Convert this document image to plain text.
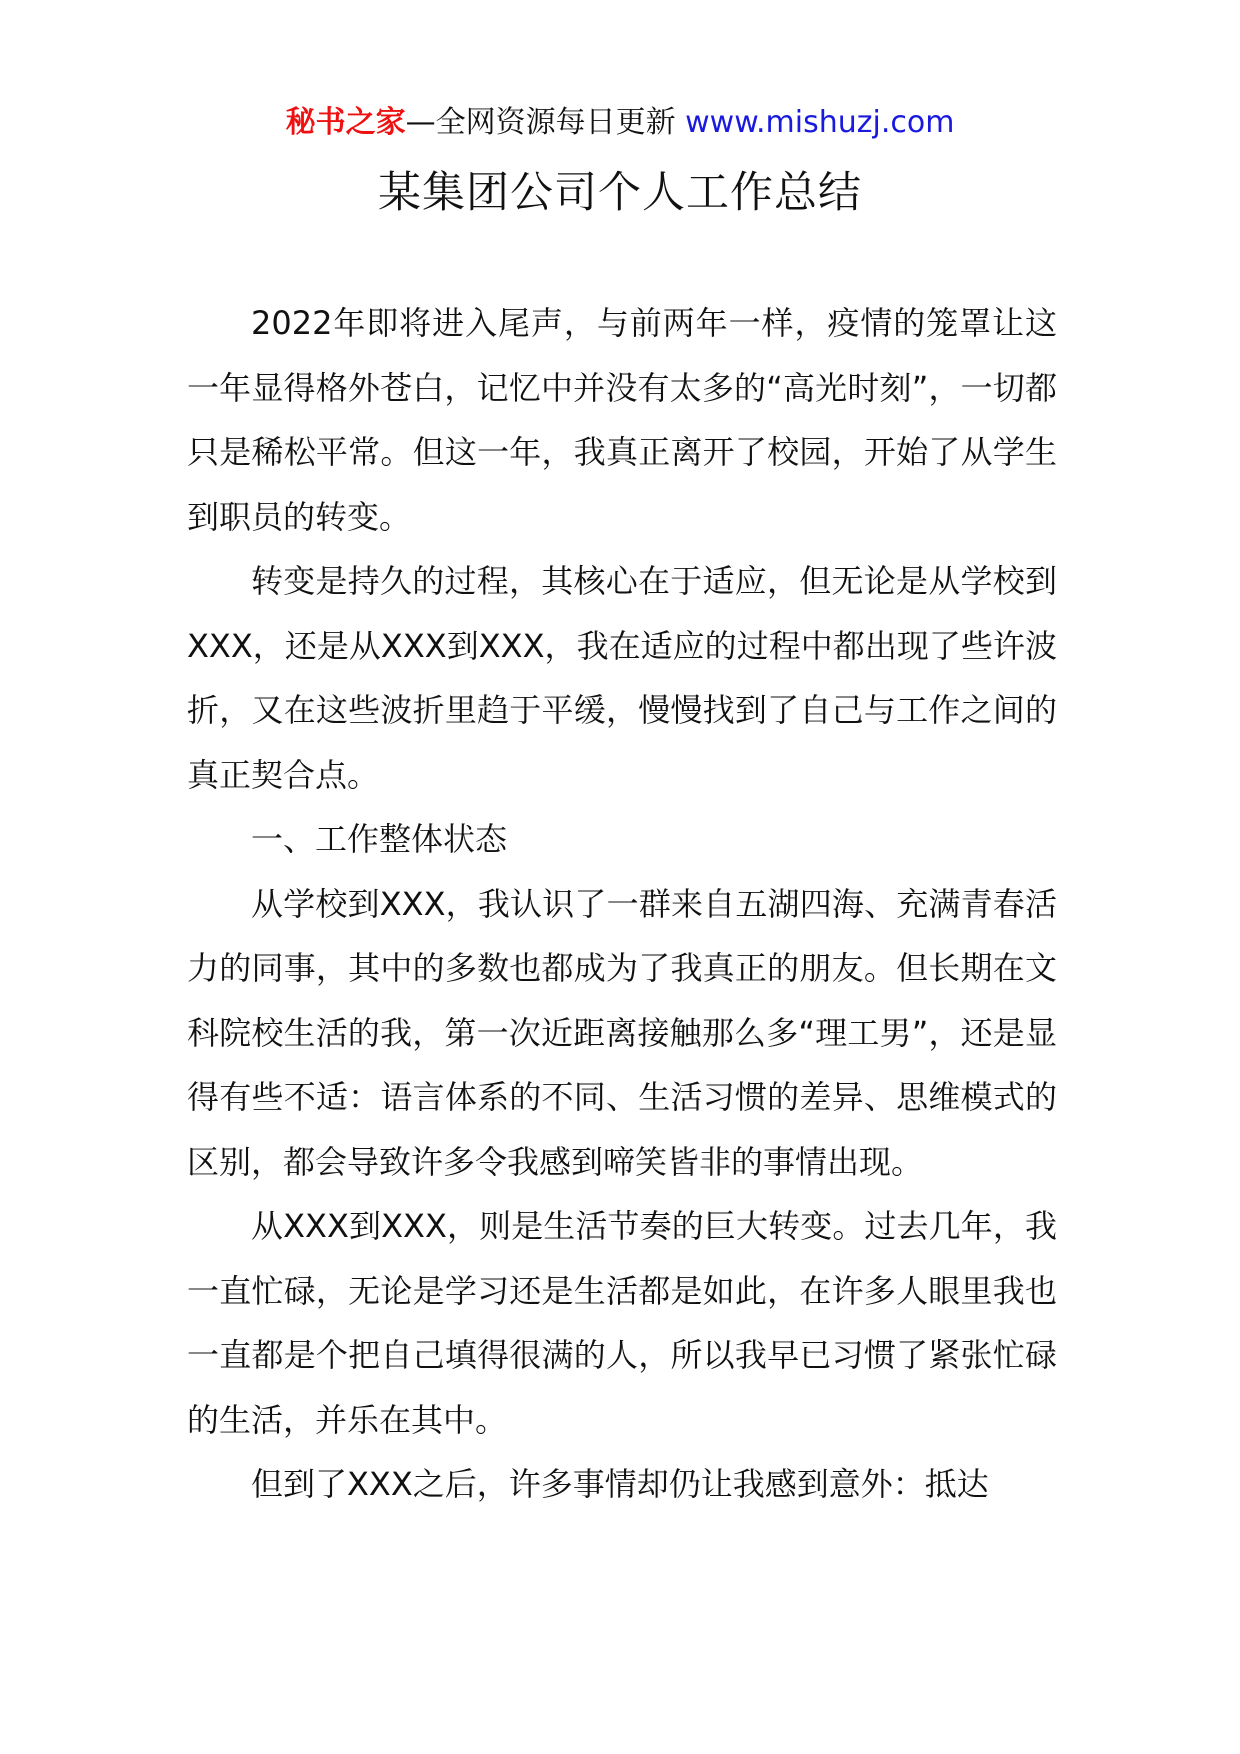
秘书之家—全网资源每日更新 www.mishuzj.com
某集团公司个人工作总结

2022年即将进入尾声，与前两年一样，疫情的笼罩让这一年显得格外苍白，记忆中并没有太多的“高光时刻”，一切都只是稀松平常。但这一年，我真正离开了校园，开始了从学生到职员的转变。

转变是持久的过程，其核心在于适应，但无论是从学校到XXX，还是从XXX到XXX，我在适应的过程中都出现了些许波折，又在这些波折里趋于平缓，慢慢找到了自己与工作之间的真正契合点。

一、工作整体状态

从学校到XXX，我认识了一群来自五湖四海、充满青春活力的同事，其中的多数也都成为了我真正的朋友。但长期在文科院校生活的我，第一次近距离接触那么多“理工男”，还是显得有些不适：语言体系的不同、生活习惯的差异、思维模式的区别，都会导致许多令我感到啼笑皆非的事情出现。

从XXX到XXX，则是生活节奏的巨大转变。过去几年，我一直忙碌，无论是学习还是生活都是如此，在许多人眼里我也一直都是个把自己填得很满的人，所以我早已习惯了紧张忙碌的生活，并乐在其中。

但到了XXX之后，许多事情却仍让我感到意外：抵达
